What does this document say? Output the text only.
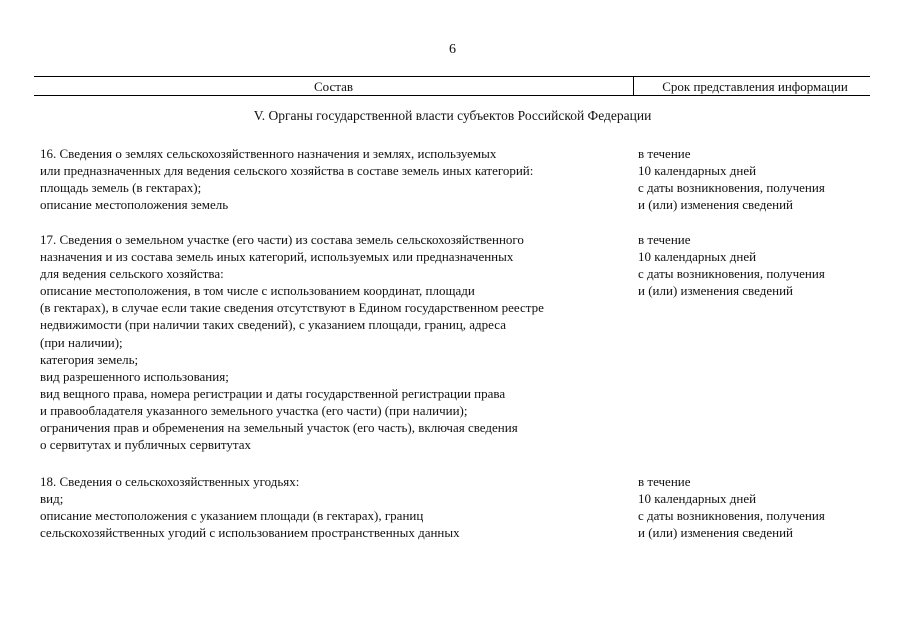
6
Состав	Срок представления информации
V. Органы государственной власти субъектов Российской Федерации
16. Сведения о землях сельскохозяйственного назначения и землях, используемых
или предназначенных для ведения сельского хозяйства в составе земель иных категорий:
площадь земель (в гектарах);
описание местоположения земель
в течение
10 календарных дней
с даты возникновения, получения
и (или) изменения сведений
17. Сведения о земельном участке (его части) из состава земель сельскохозяйственного
назначения и из состава земель иных категорий, используемых или предназначенных
для ведения сельского хозяйства:
описание местоположения, в том числе с использованием координат, площади
(в гектарах), в случае если такие сведения отсутствуют в Едином государственном реестре
недвижимости (при наличии таких сведений), с указанием площади, границ, адреса
(при наличии);
категория земель;
вид разрешенного использования;
вид вещного права, номера регистрации и даты государственной регистрации права
и правообладателя указанного земельного участка (его части) (при наличии);
ограничения прав и обременения на земельный участок (его часть), включая сведения
о сервитутах и публичных сервитутах
в течение
10 календарных дней
с даты возникновения, получения
и (или) изменения сведений
18. Сведения о сельскохозяйственных угодьях:
вид;
описание местоположения с указанием площади (в гектарах), границ
сельскохозяйственных угодий с использованием пространственных данных
в течение
10 календарных дней
с даты возникновения, получения
и (или) изменения сведений
